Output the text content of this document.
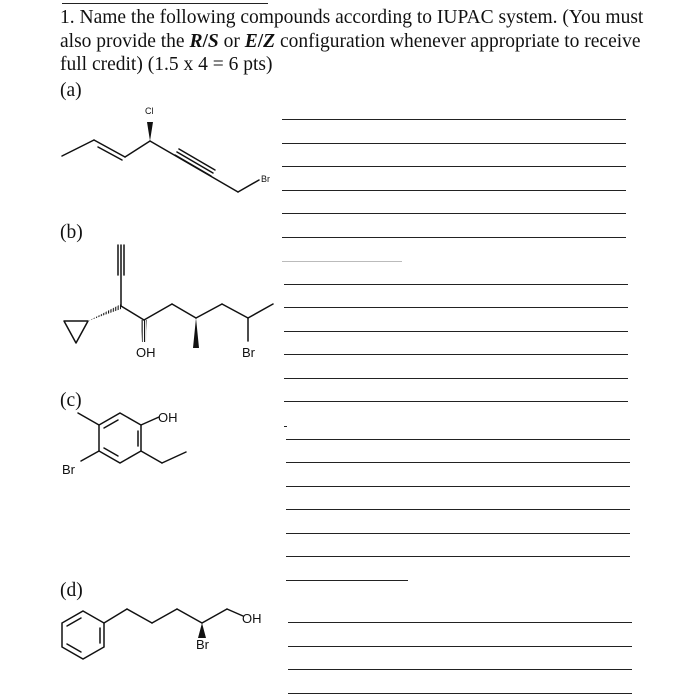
1. Name the following compounds according to IUPAC system. (You must also provide the R/S or E/Z configuration whenever appropriate to receive full credit) (1.5 x 4 = 6 pts)
(a)
(b)
(c)
(d)
Cl
Br
OH	Br
OH
Br
OH
Br
